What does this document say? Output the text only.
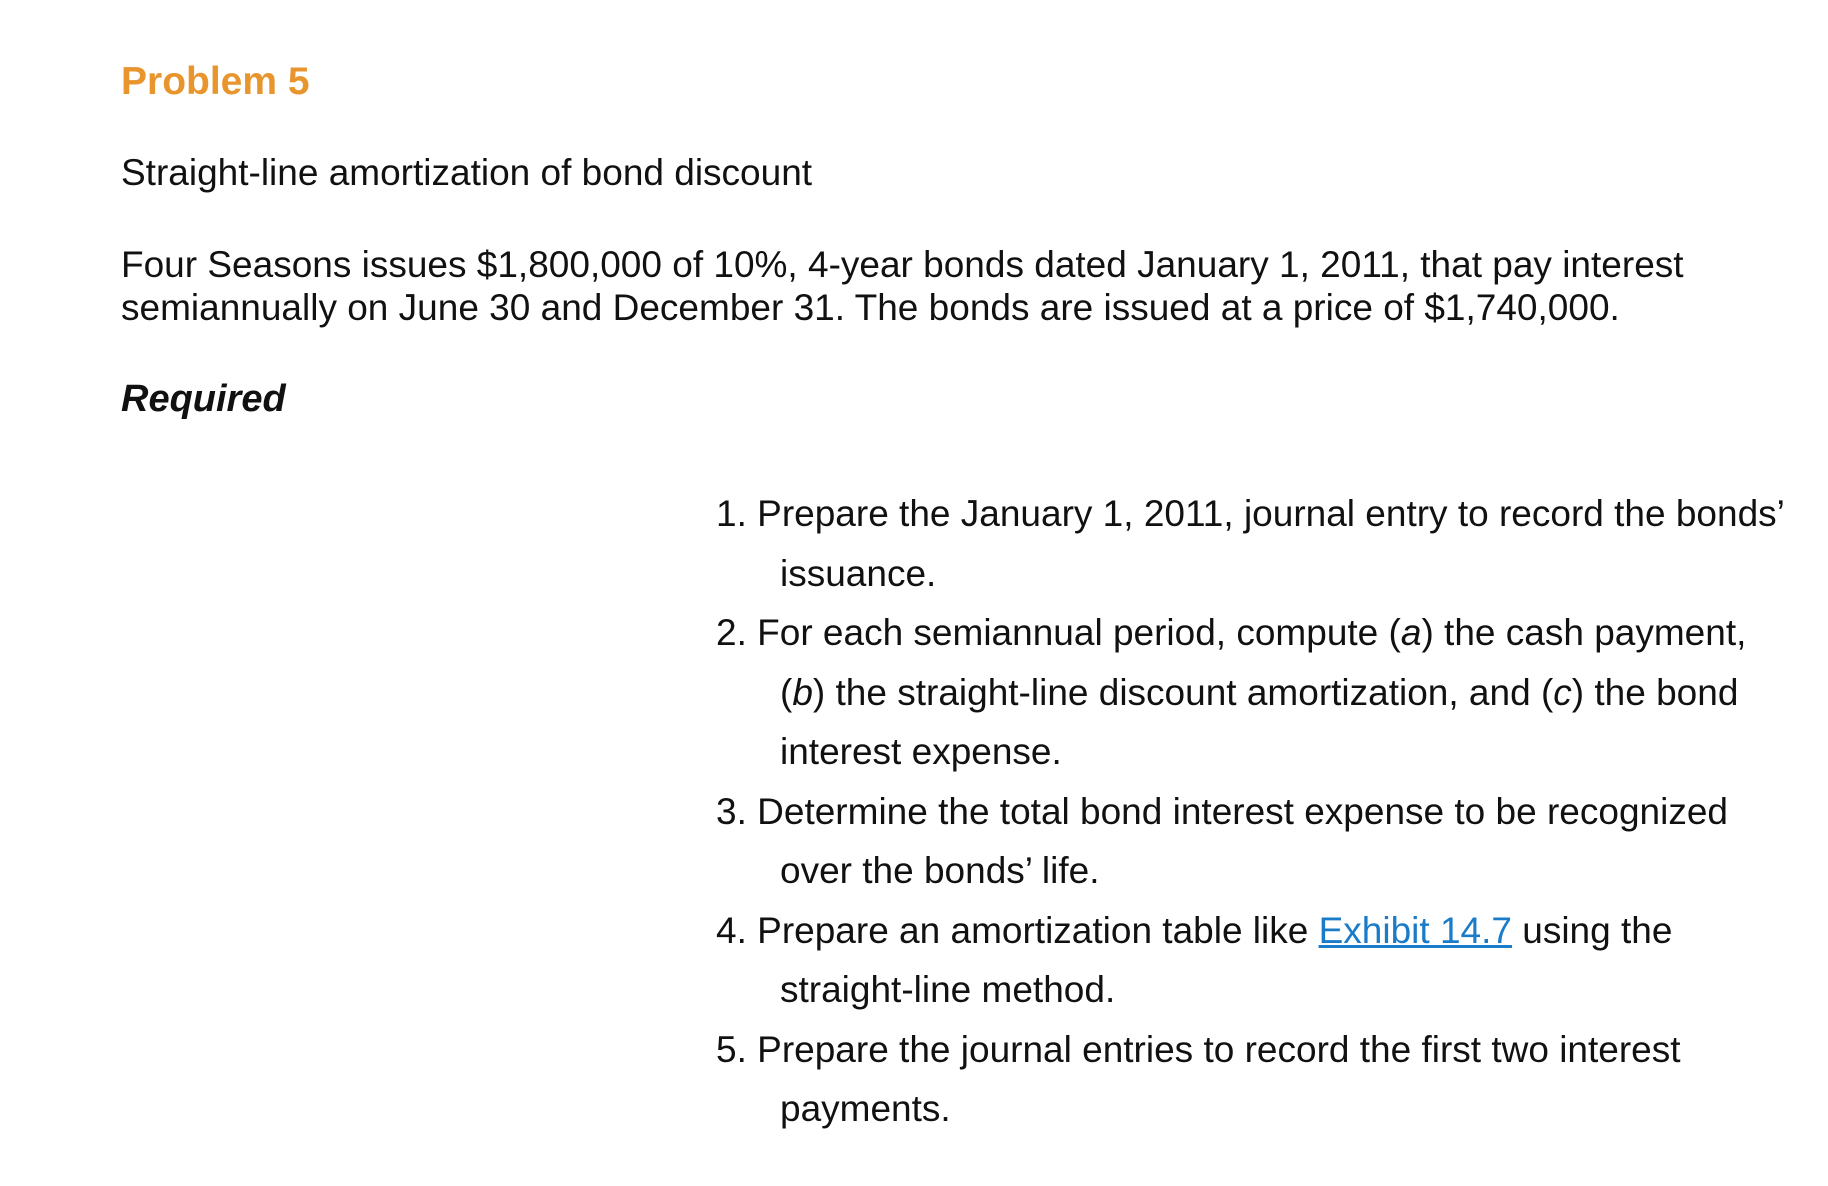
Problem 5

Straight-line amortization of bond discount

Four Seasons issues $1,800,000 of 10%, 4-year bonds dated January 1, 2011, that pay interest semiannually on June 30 and December 31. The bonds are issued at a price of $1,740,000.

Required

1. Prepare the January 1, 2011, journal entry to record the bonds’ issuance.
2. For each semiannual period, compute (a) the cash payment, (b) the straight-line discount amortization, and (c) the bond interest expense.
3. Determine the total bond interest expense to be recognized over the bonds’ life.
4. Prepare an amortization table like Exhibit 14.7 using the straight-line method.
5. Prepare the journal entries to record the first two interest payments.
